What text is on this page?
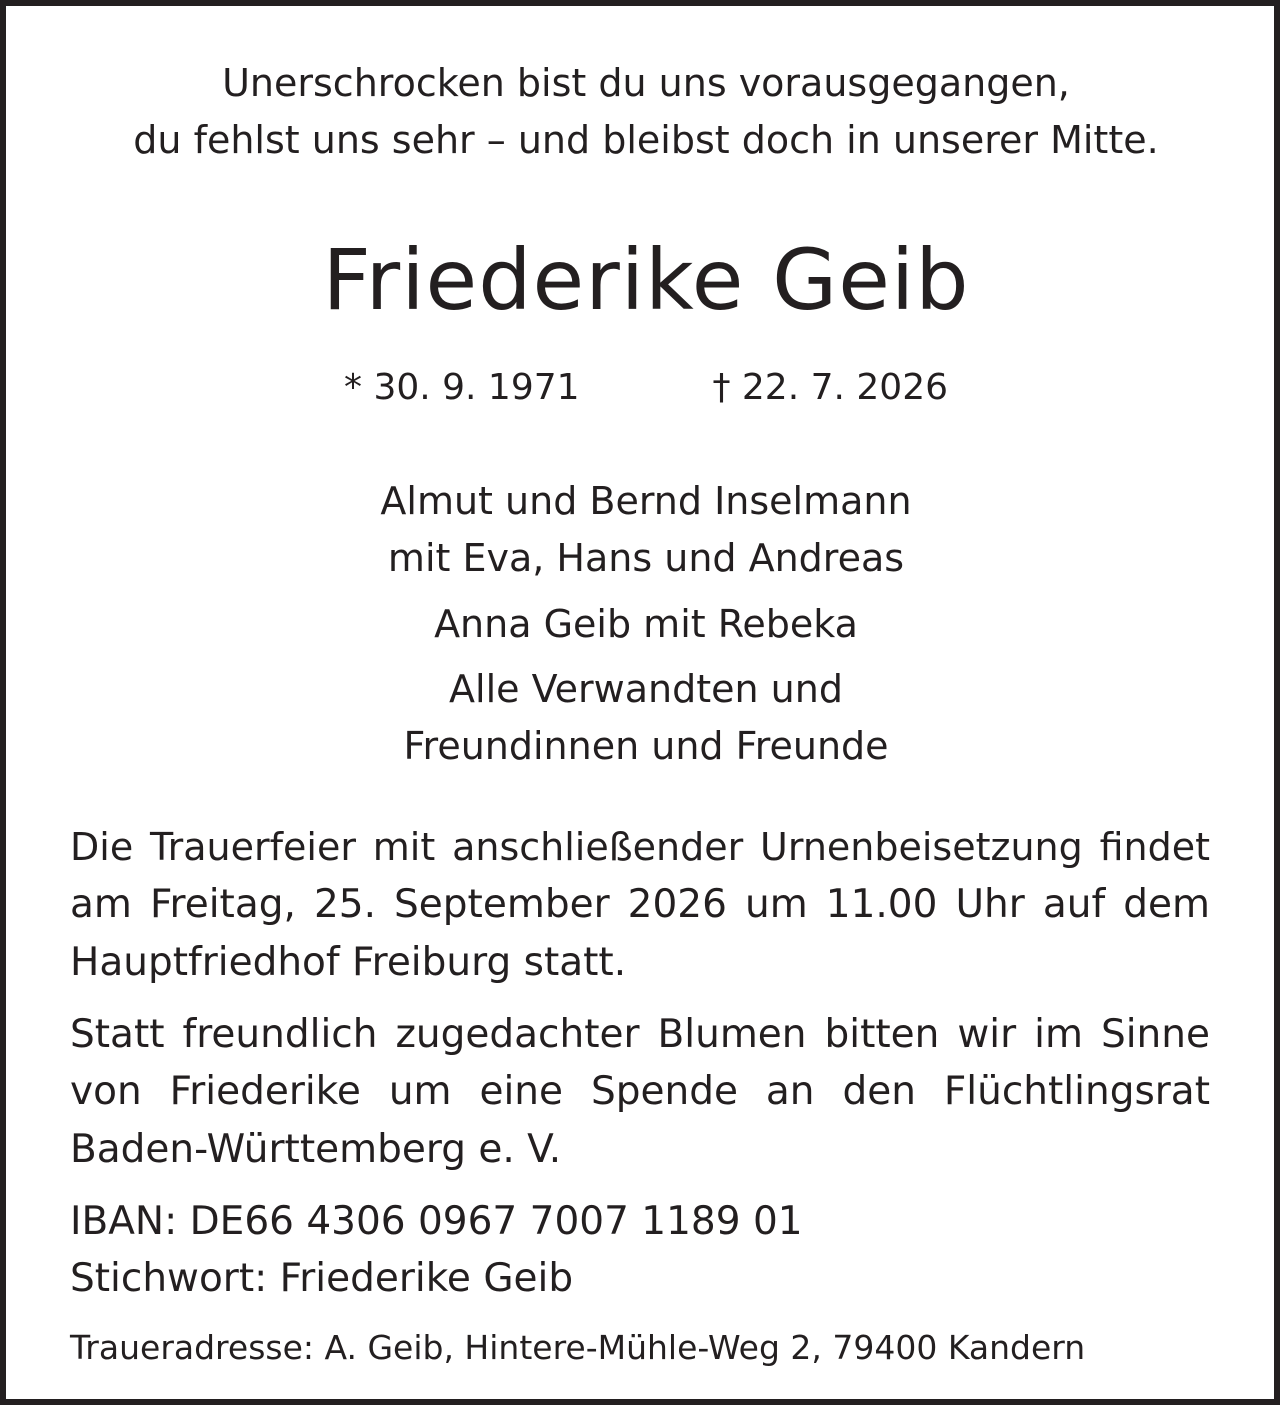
Unerschrocken bist du uns vorausgegangen,
du fehlst uns sehr – und bleibst doch in unserer Mitte.
Friederike Geib
* 30. 9. 1971	† 22. 7. 2026
Almut und Bernd Inselmann
mit Eva, Hans und Andreas
Anna Geib mit Rebeka
Alle Verwandten und
Freundinnen und Freunde
Die Trauerfeier mit anschließender Urnenbeisetzung findet
am Freitag, 25. September 2026 um 11.00 Uhr auf dem
Hauptfriedhof Freiburg statt.
Statt freundlich zugedachter Blumen bitten wir im Sinne
von Friederike um eine Spende an den Flüchtlingsrat
Baden-Württemberg e. V.
IBAN: DE66 4306 0967 7007 1189 01
Stichwort: Friederike Geib
Traueradresse: A. Geib, Hintere-Mühle-Weg 2, 79400 Kandern
